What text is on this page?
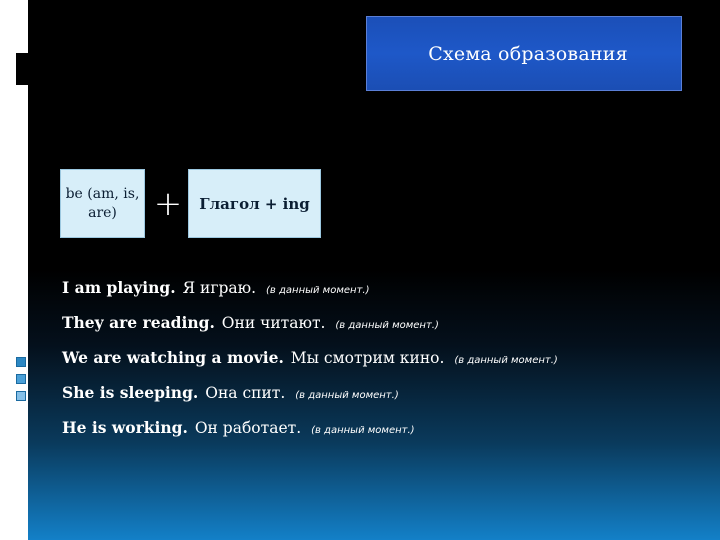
Схема образования
be (am, is, are)	+ Глагол + ing
I am playing. Я играю. (в данный момент.)
They are reading. Они читают. (в данный момент.)
We are watching a movie. Мы смотрим кино. (в данный момент.)
She is sleeping. Она спит. (в данный момент.)
He is working. Он работает. (в данный момент.)
